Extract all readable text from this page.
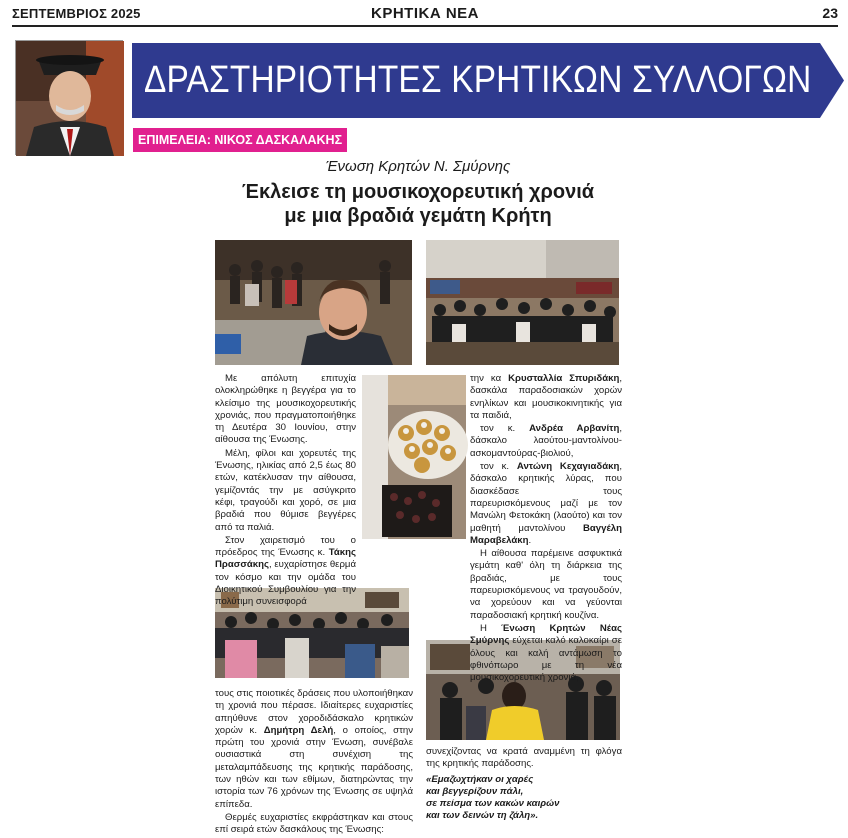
ΣΕΠΤΕΜΒΡΙΟΣ 2025	ΚΡΗΤΙΚΑ ΝΕΑ	23
ΔΡΑΣΤΗΡΙΟΤΗΤΕΣ ΚΡΗΤΙΚΩΝ ΣΥΛΛΟΓΩΝ
ΕΠΙΜΕΛΕΙΑ: ΝΙΚΟΣ ΔΑΣΚΑΛΑΚΗΣ
Ένωση Κρητών Ν. Σμύρνης
Έκλεισε τη μουσικοχορευτική χρονιά
με μια βραδιά γεμάτη Κρήτη

Με απόλυτη επιτυχία ολοκληρώθηκε η βεγγέρα για το κλείσιμο της μουσικοχορευτικής χρονιάς, που πραγματοποιήθηκε τη Δευτέρα 30 Ιουνίου, στην αίθουσα της Ένωσης.

Μέλη, φίλοι και χορευτές της Ένωσης, ηλικίας από 2,5 έως 80 ετών, κατέκλυσαν την αίθουσα, γεμίζοντάς την με ασύγκριτο κέφι, τραγούδι και χορό, σε μια βραδιά που θύμισε βεγγέρες από τα παλιά.

Στον χαιρετισμό του ο πρόεδρος της Ένωσης κ. Τάκης Πρασσάκης, ευχαρίστησε θερμά τον κόσμο και την ομάδα του Διοικητικού Συμβουλίου για την πολύτιμη συνεισφορά

τους στις ποιοτικές δράσεις που υλοποιήθηκαν τη χρονιά που πέρασε. Ιδιαίτερες ευχαριστίες απηύθυνε στον χοροδιδάσκαλο κρητικών χορών κ. Δημήτρη Δελή, ο οποίος, στην πρώτη του χρονιά στην Ένωση, συνέβαλε ουσιαστικά στη συνέχιση της μεταλαμπάδευσης της κρητικής παράδοσης, των ηθών και των εθίμων, διατηρώντας την ιστορία των 76 χρόνων της Ένωσης σε υψηλά επίπεδα.

Θερμές ευχαριστίες εκφράστηκαν και στους επί σειρά ετών δασκάλους της Ένωσης:

την κα Κρυσταλλία Σπυριδάκη, δασκάλα παραδοσιακών χορών ενηλίκων και μουσικοκινητικής για τα παιδιά,

τον κ. Ανδρέα Αρβανίτη, δάσκαλο λαούτου-μαντολίνου-ασκομαντούρας-βιολιού,

τον κ. Αντώνη Κεχαγιαδάκη, δάσκαλο κρητικής λύρας, που διασκέδασε τους παρευρισκόμενους μαζί με τον Μανώλη Φετοκάκη (λαούτο) και τον μαθητή μαντολίνου Βαγγέλη Μαραβελάκη.

Η αίθουσα παρέμεινε ασφυκτικά γεμάτη καθ' όλη τη διάρκεια της βραδιάς, με τους παρευρισκόμενους να τραγουδούν, να χορεύουν και να γεύονται παραδοσιακή κρητική κουζίνα.

Η Ένωση Κρητών Νέας Σμύρνης εύχεται καλό καλοκαίρι σε όλους και καλή αντάμωση το φθινόπωρο με τη νέα μουσικοχορευτική χρονιά,

συνεχίζοντας να κρατά αναμμένη τη φλόγα της κρητικής παράδοσης.

«Εμαζωχτήκαν οι χαρές
και βεγγερίζουν πάλι,
σε πείσμα των κακών καιρών
και των δεινών τη ζάλη».
